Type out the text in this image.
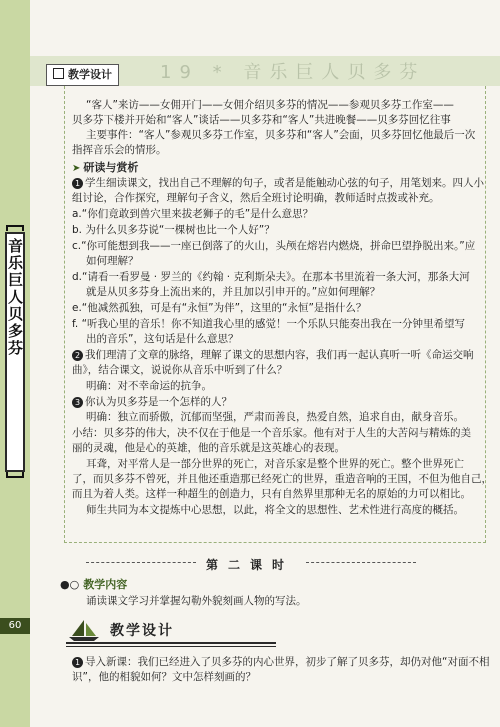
音乐巨人贝多芬
60
19 * 音乐巨人贝多芬
教学设计
“客人”来访——女佣开门——女佣介绍贝多芬的情况——参观贝多芬工作室——
贝多芬下楼并开始和“客人”谈话——贝多芬和“客人”共进晚餐——贝多芬回忆往事
主要事件：“客人”参观贝多芬工作室，贝多芬和“客人”会面，贝多芬回忆他最后一次
指挥音乐会的情形。
➤ 研读与赏析
1 学生细读课文，找出自己不理解的句子，或者是能触动心弦的句子，用笔划来。四人小
组讨论，合作探究，理解句子含义，然后全班讨论明确，教师适时点拨或补充。
a.“你们竟敢到兽穴里来拔老狮子的毛”是什么意思？
b. 为什么贝多芬说“一棵树也比一个人好”？
c.“你可能想到我——一座已倒落了的火山，头颅在熔岩内燃烧，拼命巴望挣脱出来。”应
如何理解？
d.“请看一看罗曼 · 罗兰的《约翰 · 克利斯朵夫》。在那本书里流着一条大河，那条大河
就是从贝多芬身上流出来的，并且加以引申开的。”应如何理解？
e.“他减然孤独，可是有“永恒”为伴”，这里的“永恒”是指什么？
f. “听我心里的音乐！你不知道我心里的感觉！一个乐队只能奏出我在一分钟里希望写
出的音乐”，这句话是什么意思？
2 我们理清了文章的脉络，理解了课文的思想内容，我们再一起认真听一听《命运交响
曲》，结合课文，说说你从音乐中听到了什么？
明确：对不幸命运的抗争。
3 你认为贝多芬是一个怎样的人？
明确：独立而骄傲，沉郁而坚强，严肃而善良，热爱自然，追求自由，献身音乐。
小结：贝多芬的伟大，决不仅在于他是一个音乐家。他有对于人生的大苦闷与精炼的美
丽的灵魂，他是心的英雄，他的音乐就是这英雄心的表现。
耳聋，对平常人是一部分世界的死亡，对音乐家是整个世界的死亡。整个世界死亡
了，而贝多芬不曾死，并且他还重造那已经死亡的世界，重造音响的王国，不但为他自己，
而且为着人类。这样一种超生的创造力，只有自然界里那种无名的原始的力可以相比。
师生共同为本文提炼中心思想，以此，将全文的思想性、艺术性进行高度的概括。
第二课时
●○ 教学内容
诵读课文学习并掌握勾勒外貌刻画人物的写法。
教学设计
1 导入新课：我们已经进入了贝多芬的内心世界，初步了解了贝多芬，却仍对他“对面不相
识”，他的相貌如何？文中怎样刻画的？
